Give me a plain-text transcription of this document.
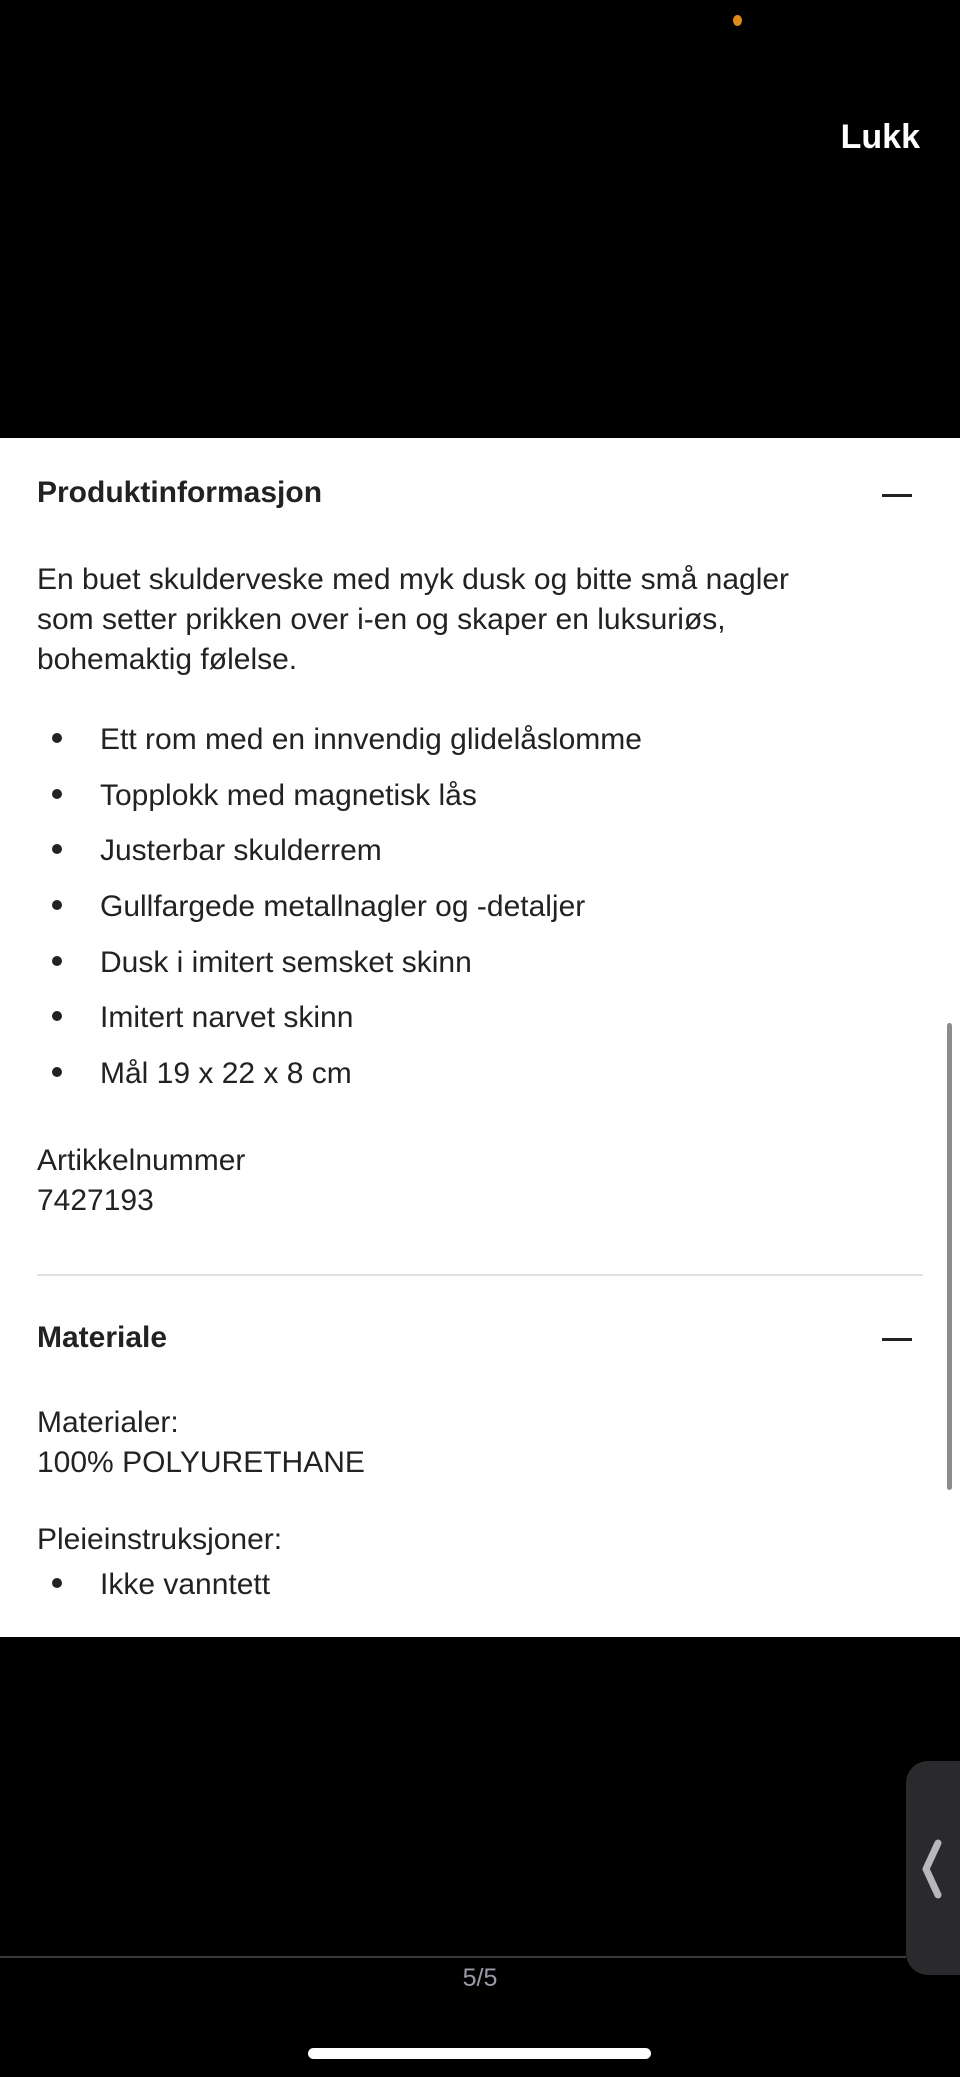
Lukk
Produktinformasjon
En buet skulderveske med myk dusk og bitte små nagler
som setter prikken over i-en og skaper en luksuriøs,
bohemaktig følelse.
Ett rom med en innvendig glidelåslomme
Topplokk med magnetisk lås
Justerbar skulderrem
Gullfargede metallnagler og -detaljer
Dusk i imitert semsket skinn
Imitert narvet skinn
Mål 19 x 22 x 8 cm
Artikkelnummer
7427193
Materiale
Materialer:
100% POLYURETHANE
Pleieinstruksjoner:
Ikke vanntett
5/5
